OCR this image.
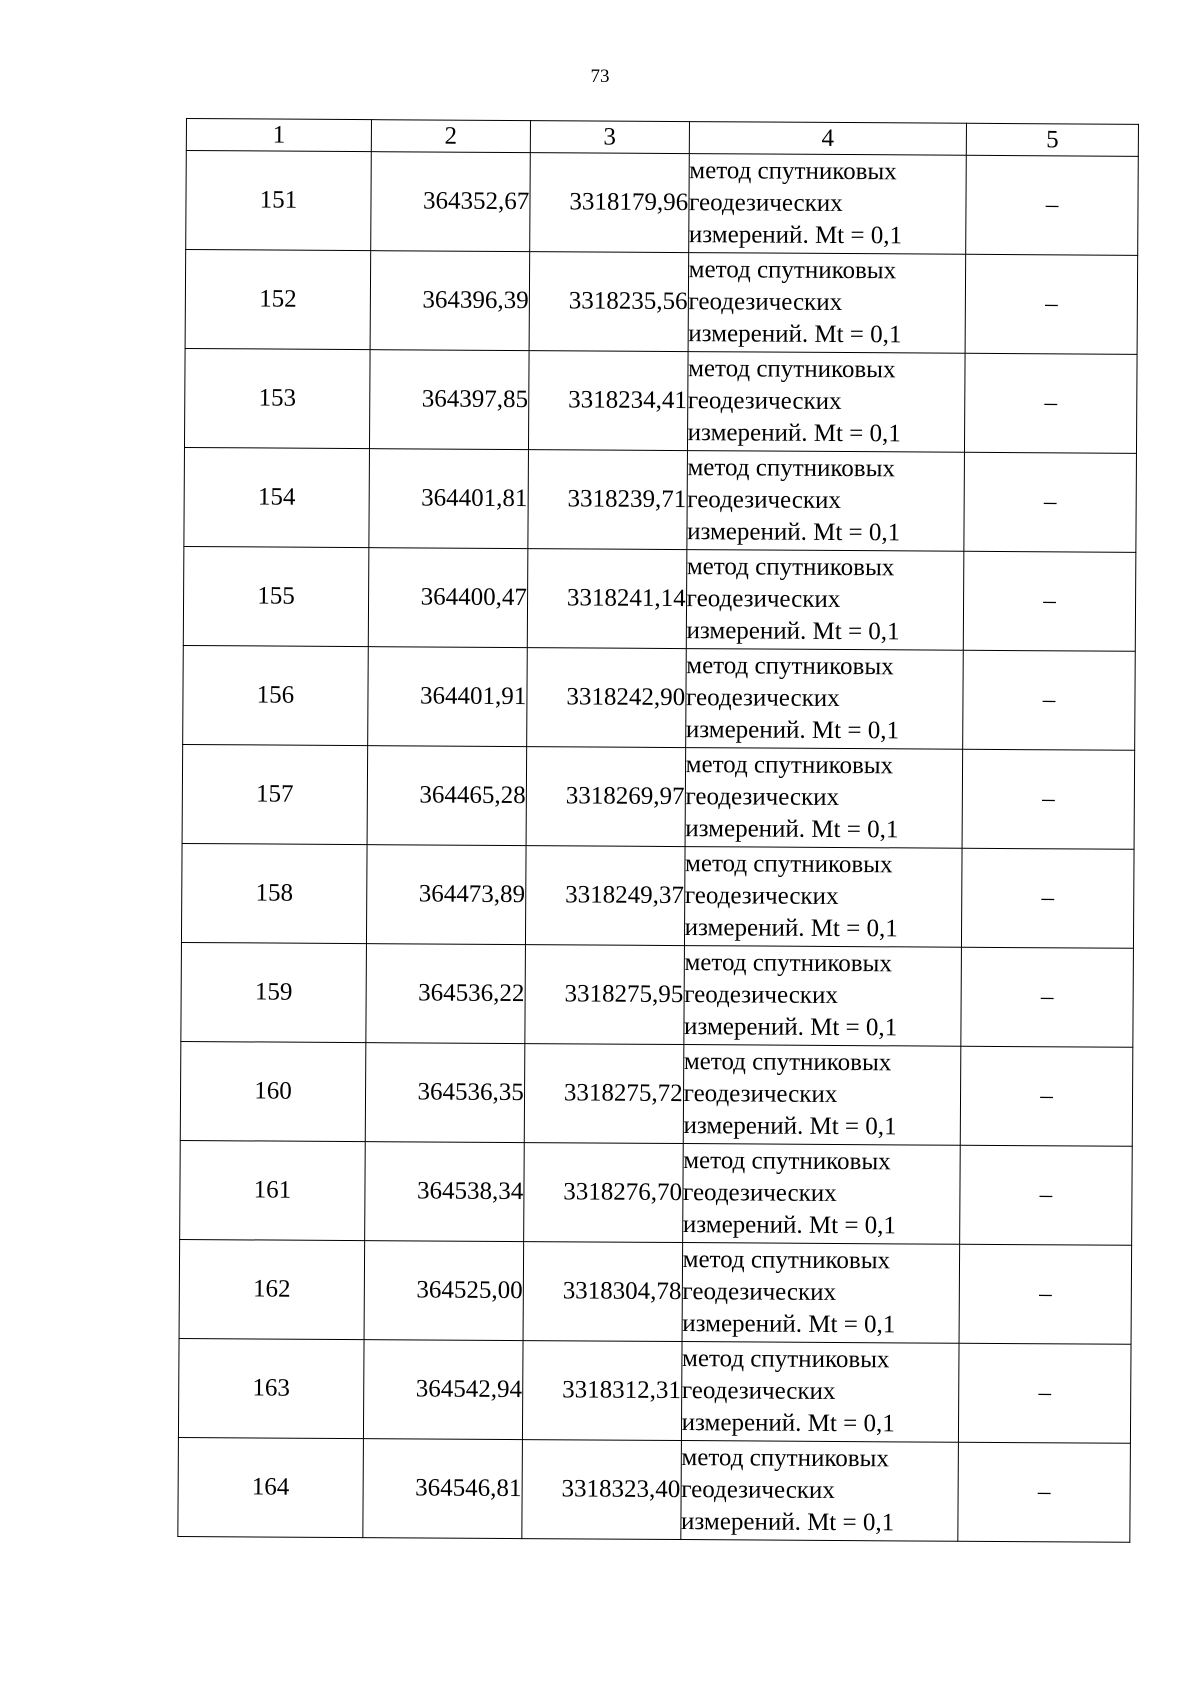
73
1	2	3	4	5
151	364352,67	3318179,96	метод спутниковых
геодезических
измерений. Mt = 0,1	–
152	364396,39	3318235,56	метод спутниковых
геодезических
измерений. Mt = 0,1	–
153	364397,85	3318234,41	метод спутниковых
геодезических
измерений. Mt = 0,1	–
154	364401,81	3318239,71	метод спутниковых
геодезических
измерений. Mt = 0,1	–
155	364400,47	3318241,14	метод спутниковых
геодезических
измерений. Mt = 0,1	–
156	364401,91	3318242,90	метод спутниковых
геодезических
измерений. Mt = 0,1	–
157	364465,28	3318269,97	метод спутниковых
геодезических
измерений. Mt = 0,1	–
158	364473,89	3318249,37	метод спутниковых
геодезических
измерений. Mt = 0,1	–
159	364536,22	3318275,95	метод спутниковых
геодезических
измерений. Mt = 0,1	–
160	364536,35	3318275,72	метод спутниковых
геодезических
измерений. Mt = 0,1	–
161	364538,34	3318276,70	метод спутниковых
геодезических
измерений. Mt = 0,1	–
162	364525,00	3318304,78	метод спутниковых
геодезических
измерений. Mt = 0,1	–
163	364542,94	3318312,31	метод спутниковых
геодезических
измерений. Mt = 0,1	–
164	364546,81	3318323,40	метод спутниковых
геодезических
измерений. Mt = 0,1	–
